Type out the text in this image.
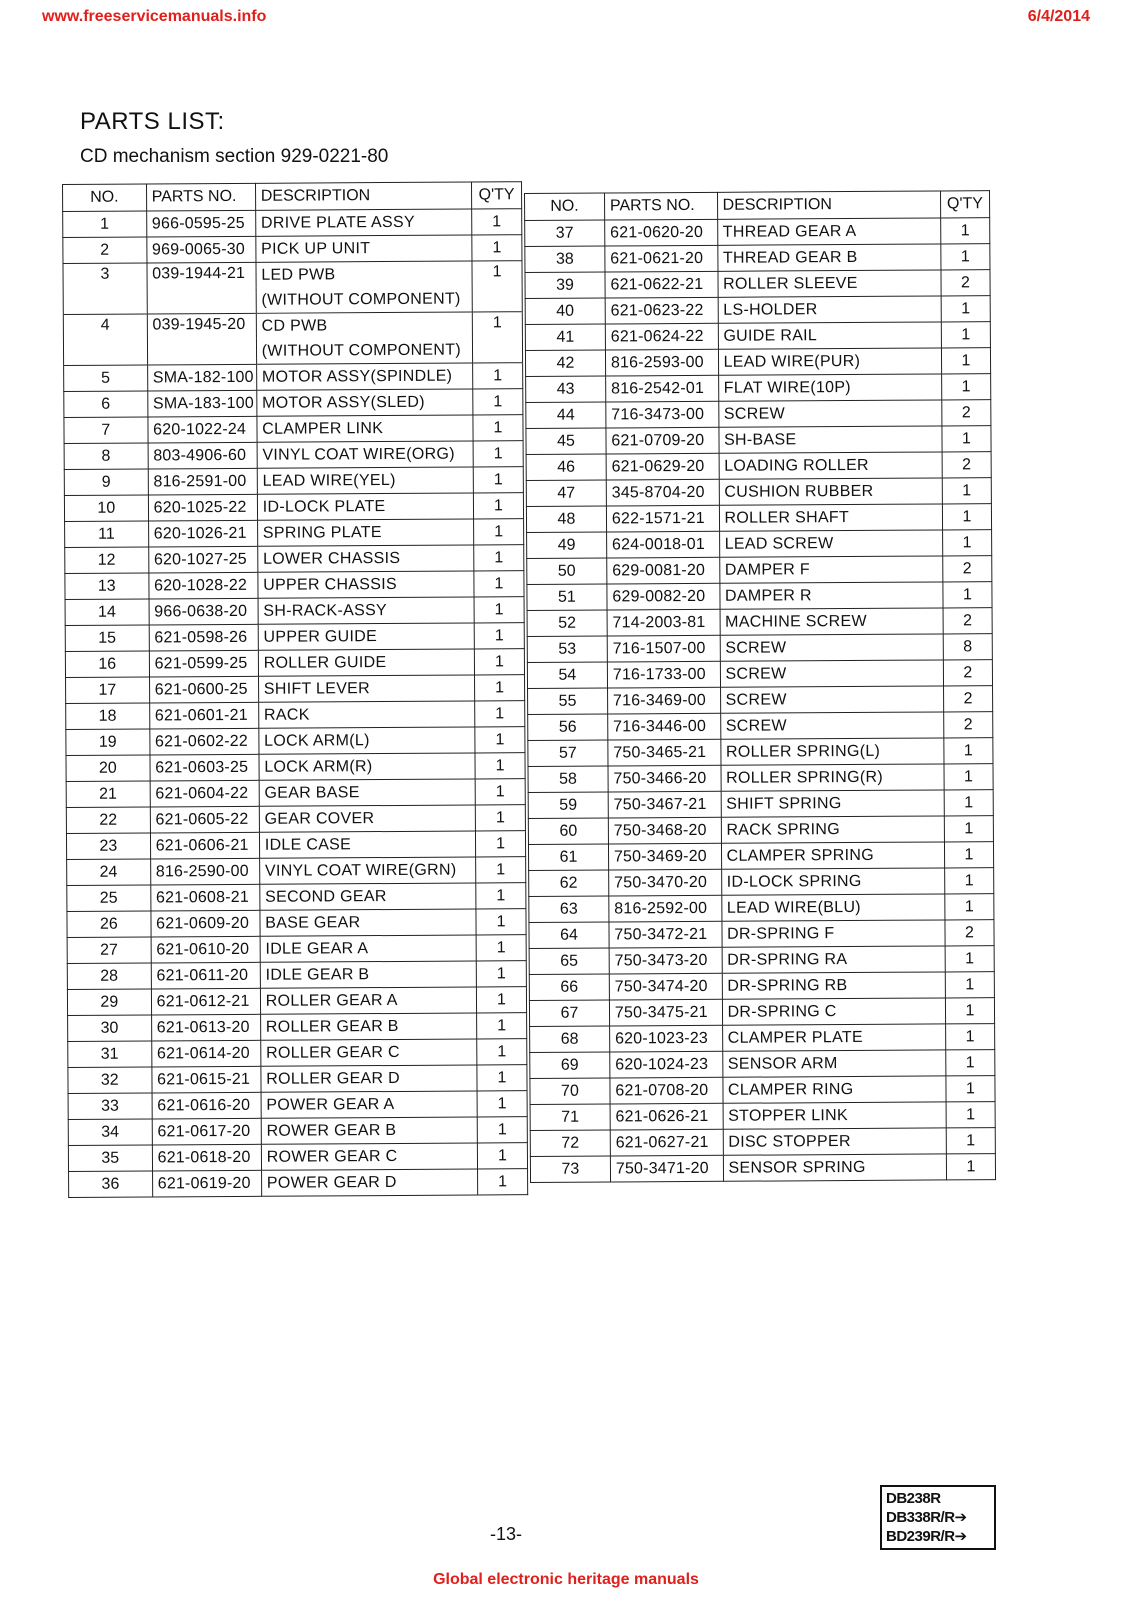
www.freeservicemanuals.info	6/4/2014
PARTS LIST:
CD mechanism section 929-0221-80
NO.	PARTS NO.	DESCRIPTION	Q'TY
1	966-0595-25	DRIVE PLATE ASSY	1
2	969-0065-30	PICK UP UNIT	1
3	039-1944-21	LED PWB	1
		(WITHOUT COMPONENT)	
4	039-1945-20	CD PWB	1
		(WITHOUT COMPONENT)	
5	SMA-182-100	MOTOR ASSY(SPINDLE)	1
6	SMA-183-100	MOTOR ASSY(SLED)	1
7	620-1022-24	CLAMPER LINK	1
8	803-4906-60	VINYL COAT WIRE(ORG)	1
9	816-2591-00	LEAD WIRE(YEL)	1
10	620-1025-22	ID-LOCK PLATE	1
11	620-1026-21	SPRING PLATE	1
12	620-1027-25	LOWER CHASSIS	1
13	620-1028-22	UPPER CHASSIS	1
14	966-0638-20	SH-RACK-ASSY	1
15	621-0598-26	UPPER GUIDE	1
16	621-0599-25	ROLLER GUIDE	1
17	621-0600-25	SHIFT LEVER	1
18	621-0601-21	RACK	1
19	621-0602-22	LOCK ARM(L)	1
20	621-0603-25	LOCK ARM(R)	1
21	621-0604-22	GEAR BASE	1
22	621-0605-22	GEAR COVER	1
23	621-0606-21	IDLE CASE	1
24	816-2590-00	VINYL COAT WIRE(GRN)	1
25	621-0608-21	SECOND GEAR	1
26	621-0609-20	BASE GEAR	1
27	621-0610-20	IDLE GEAR A	1
28	621-0611-20	IDLE GEAR B	1
29	621-0612-21	ROLLER GEAR A	1
30	621-0613-20	ROLLER GEAR B	1
31	621-0614-20	ROLLER GEAR C	1
32	621-0615-21	ROLLER GEAR D	1
33	621-0616-20	POWER GEAR A	1
34	621-0617-20	ROWER GEAR B	1
35	621-0618-20	ROWER GEAR C	1
36	621-0619-20	POWER GEAR D	1
NO.	PARTS NO.	DESCRIPTION	Q'TY
37	621-0620-20	THREAD GEAR A	1
38	621-0621-20	THREAD GEAR B	1
39	621-0622-21	ROLLER SLEEVE	2
40	621-0623-22	LS-HOLDER	1
41	621-0624-22	GUIDE RAIL	1
42	816-2593-00	LEAD WIRE(PUR)	1
43	816-2542-01	FLAT WIRE(10P)	1
44	716-3473-00	SCREW	2
45	621-0709-20	SH-BASE	1
46	621-0629-20	LOADING ROLLER	2
47	345-8704-20	CUSHION RUBBER	1
48	622-1571-21	ROLLER SHAFT	1
49	624-0018-01	LEAD SCREW	1
50	629-0081-20	DAMPER F	2
51	629-0082-20	DAMPER R	1
52	714-2003-81	MACHINE SCREW	2
53	716-1507-00	SCREW	8
54	716-1733-00	SCREW	2
55	716-3469-00	SCREW	2
56	716-3446-00	SCREW	2
57	750-3465-21	ROLLER SPRING(L)	1
58	750-3466-20	ROLLER SPRING(R)	1
59	750-3467-21	SHIFT SPRING	1
60	750-3468-20	RACK SPRING	1
61	750-3469-20	CLAMPER SPRING	1
62	750-3470-20	ID-LOCK SPRING	1
63	816-2592-00	LEAD WIRE(BLU)	1
64	750-3472-21	DR-SPRING F	2
65	750-3473-20	DR-SPRING RA	1
66	750-3474-20	DR-SPRING RB	1
67	750-3475-21	DR-SPRING C	1
68	620-1023-23	CLAMPER PLATE	1
69	620-1024-23	SENSOR ARM	1
70	621-0708-20	CLAMPER RING	1
71	621-0626-21	STOPPER LINK	1
72	621-0627-21	DISC STOPPER	1
73	750-3471-20	SENSOR SPRING	1
-13-
DB238R
DB338R/R➔
BD239R/R➔
Global electronic heritage manuals
